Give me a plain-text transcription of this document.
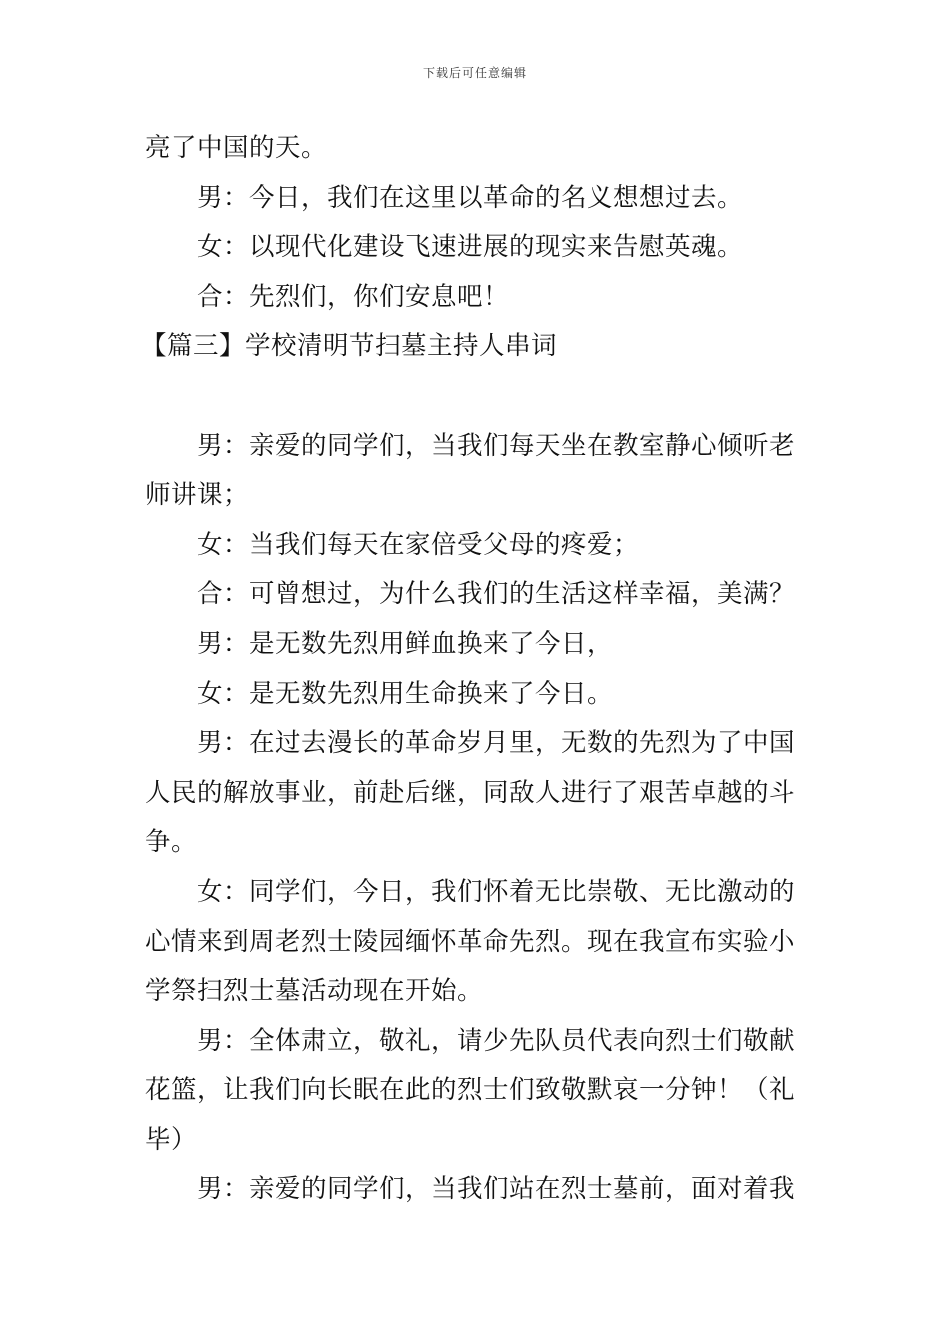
下载后可任意编辑
亮了中国的天。
男：今日，我们在这里以革命的名义想想过去。
女：以现代化建设飞速进展的现实来告慰英魂。
合：先烈们，你们安息吧！
【篇三】学校清明节扫墓主持人串词
男：亲爱的同学们，当我们每天坐在教室静心倾听老
师讲课；
女：当我们每天在家倍受父母的疼爱；
合：可曾想过，为什么我们的生活这样幸福，美满？
男：是无数先烈用鲜血换来了今日，
女：是无数先烈用生命换来了今日。
男：在过去漫长的革命岁月里，无数的先烈为了中国
人民的解放事业，前赴后继，同敌人进行了艰苦卓越的斗
争。
女：同学们，今日，我们怀着无比崇敬、无比激动的
心情来到周老烈士陵园缅怀革命先烈。现在我宣布实验小
学祭扫烈士墓活动现在开始。
男：全体肃立，敬礼，请少先队员代表向烈士们敬献
花篮，让我们向长眠在此的烈士们致敬默哀一分钟！（礼
毕）
男：亲爱的同学们，当我们站在烈士墓前，面对着我
